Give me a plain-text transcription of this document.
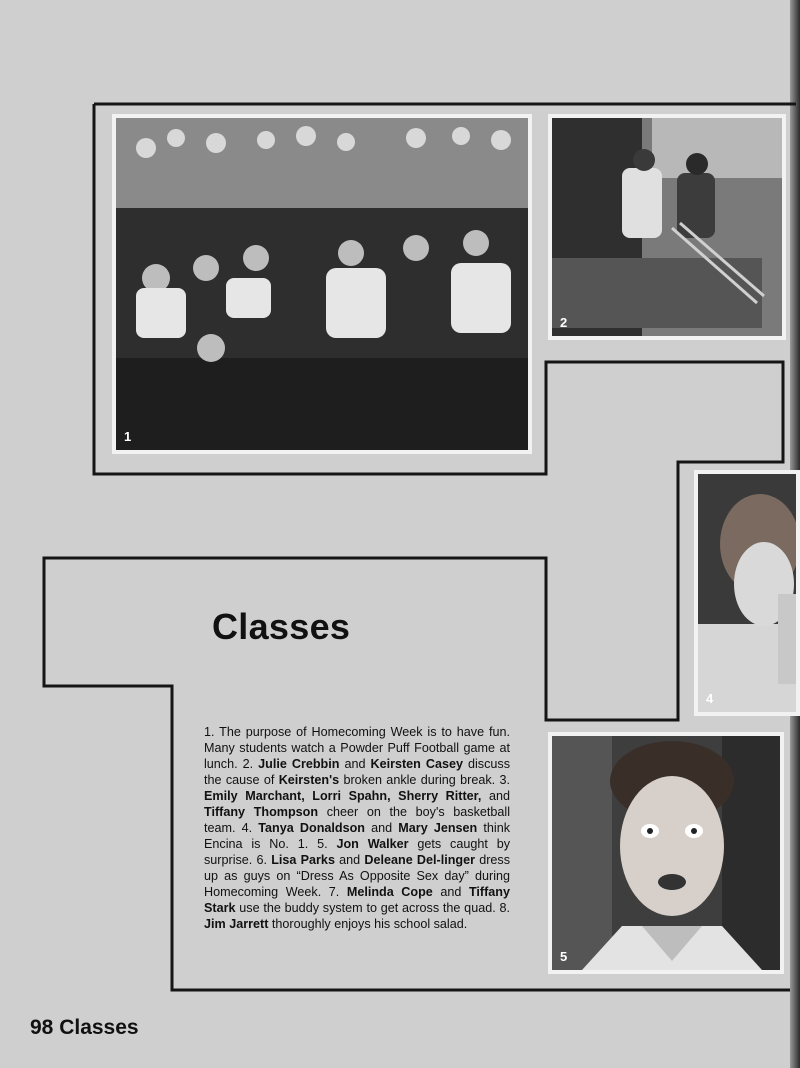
1
2
4
5
Classes
1. The purpose of Homecoming Week is to have fun. Many students watch a Powder Puff Football game at lunch. 2. Julie Crebbin and Keirsten Casey discuss the cause of Keirsten's broken ankle during break. 3. Emily Marchant, Lorri Spahn, Sherry Ritter, and Tiffany Thompson cheer on the boy's basketball team. 4. Tanya Donaldson and Mary Jensen think Encina is No. 1. 5. Jon Walker gets caught by surprise. 6. Lisa Parks and Deleane Del-linger dress up as guys on “Dress As Opposite Sex day” during Homecoming Week. 7. Melinda Cope and Tiffany Stark use the buddy system to get across the quad. 8. Jim Jarrett thoroughly enjoys his school salad.
98 Classes
